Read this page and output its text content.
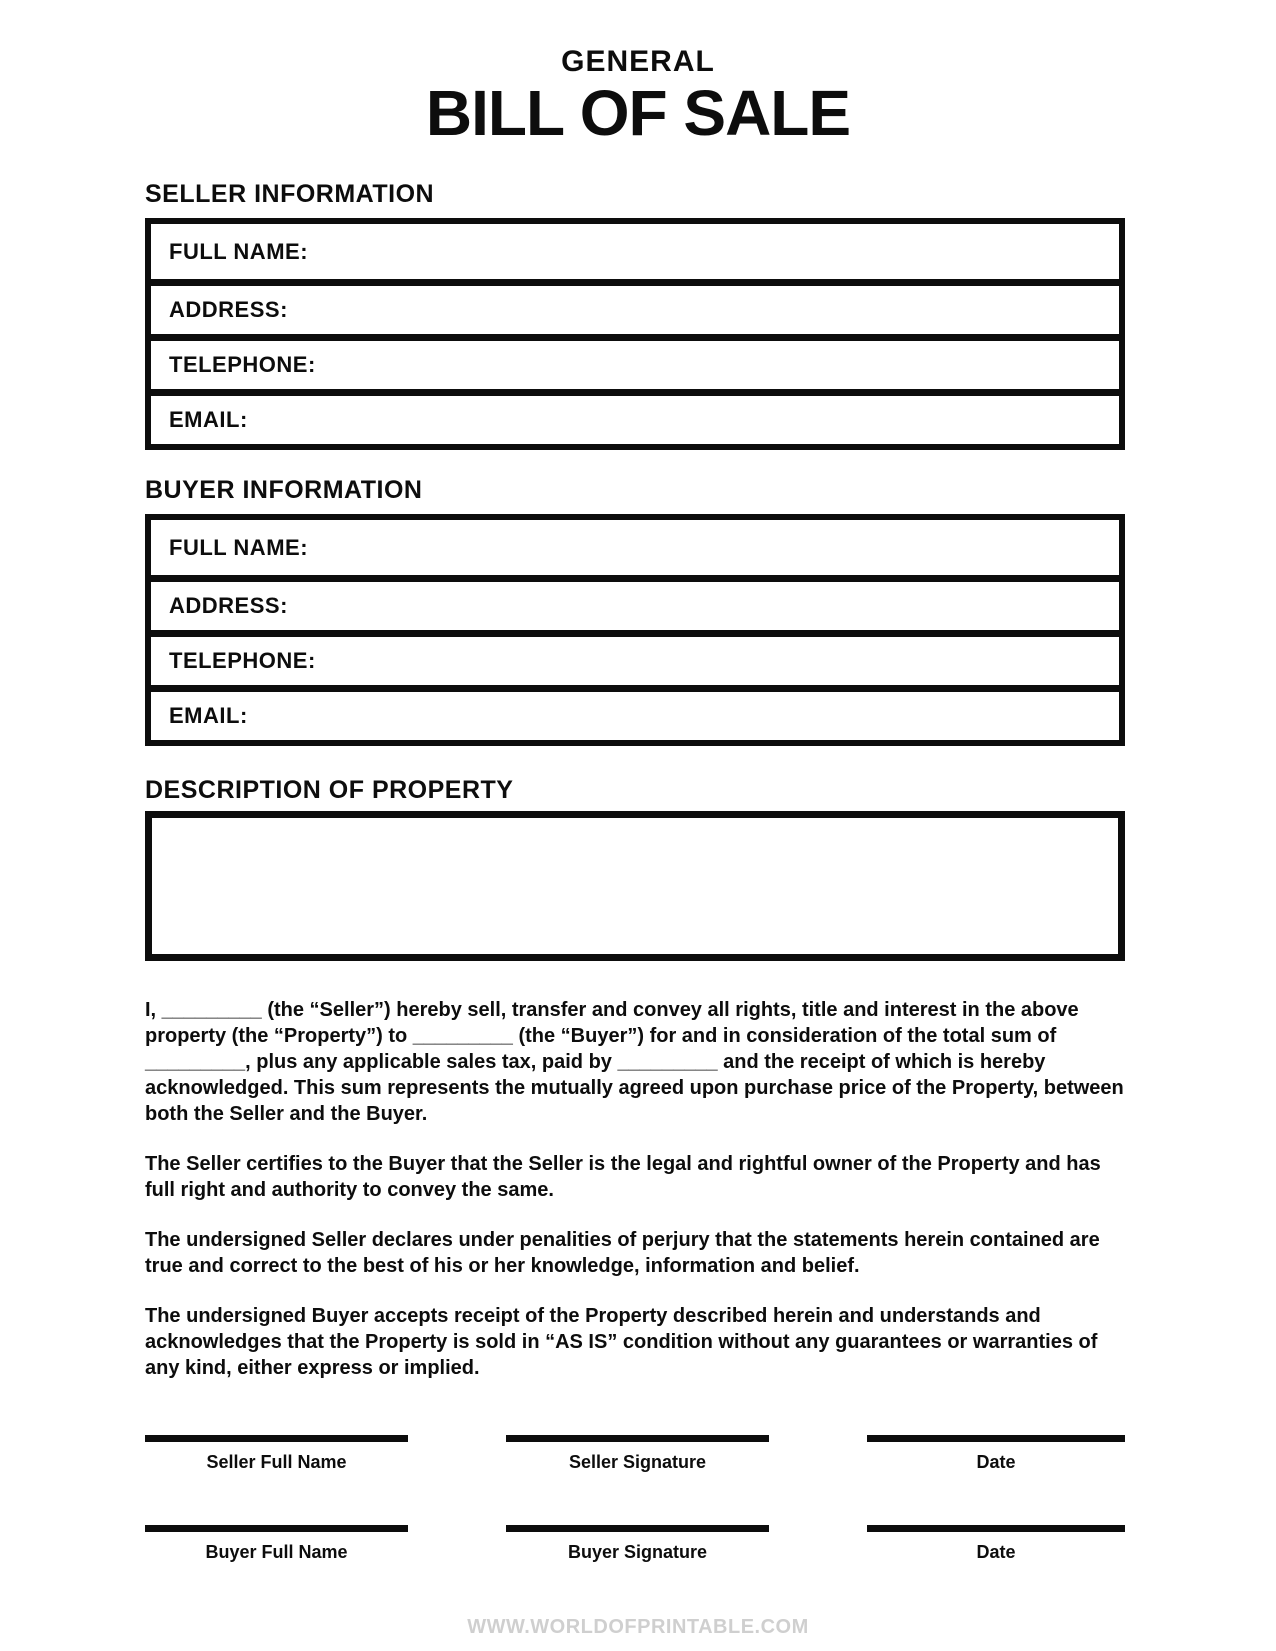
GENERAL
BILL OF SALE
SELLER INFORMATION
FULL NAME:
ADDRESS:
TELEPHONE:
EMAIL:
BUYER INFORMATION
FULL NAME:
ADDRESS:
TELEPHONE:
EMAIL:
DESCRIPTION OF PROPERTY

I, _________ (the “Seller”) hereby sell, transfer and convey all rights, title and interest in the above property (the “Property”) to _________ (the “Buyer”) for and in consideration of the total sum of _________, plus any applicable sales tax, paid by _________ and the receipt of which is hereby acknowledged. This sum represents the mutually agreed upon purchase price of the Property, between both the Seller and the Buyer.

The Seller certifies to the Buyer that the Seller is the legal and rightful owner of the Property and has full right and authority to convey the same.

The undersigned Seller declares under penalities of perjury that the statements herein contained are true and correct to the best of his or her knowledge, information and belief.

The undersigned Buyer accepts receipt of the Property described herein and understands and acknowledges that the Property is sold in “AS IS” condition without any guarantees or warranties of any kind, either express or implied.

Seller Full Name	Seller Signature	Date
Buyer Full Name	Buyer Signature	Date
WWW.WORLDOFPRINTABLE.COM
